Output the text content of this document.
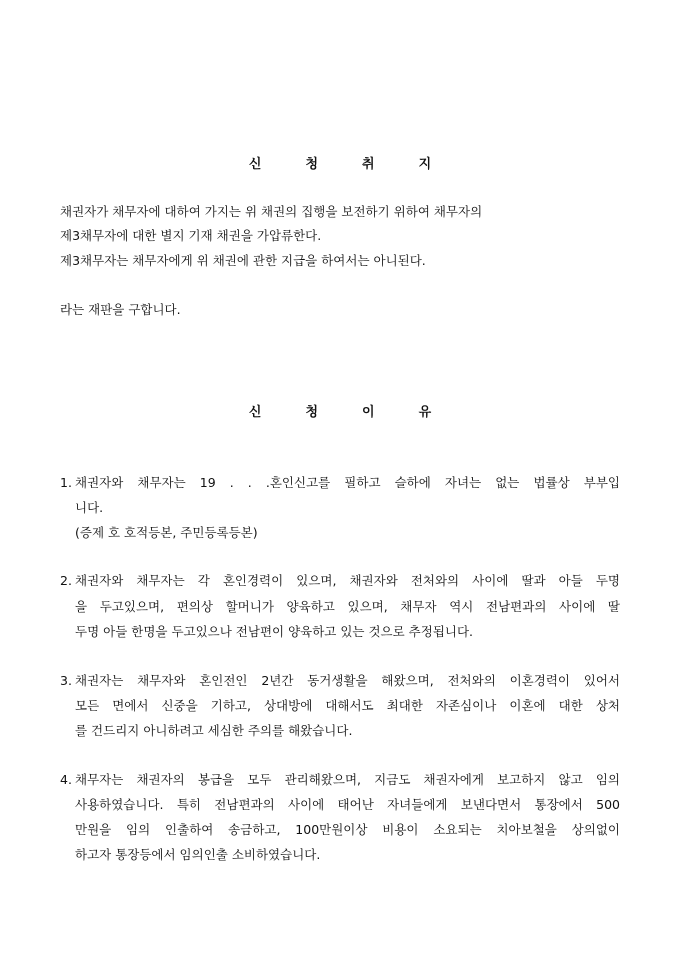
신	청	취	지
채권자가 채무자에 대하여 가지는 위 채권의 집행을 보전하기 위하여 채무자의
제3채무자에 대한 별지 기재 채권을 가압류한다.
제3채무자는 채무자에게 위 채권에 관한 지급을 하여서는 아니된다.
라는 재판을 구합니다.
신	청	이	유
1. 채권자와 채무자는 19 . . .혼인신고를 필하고 슬하에 자녀는 없는 법률상 부부입
니다.
(증제 호 호적등본, 주민등록등본)
2. 채권자와 채무자는 각 혼인경력이 있으며, 채권자와 전처와의 사이에 딸과 아들 두명
을 두고있으며, 편의상 할머니가 양육하고 있으며, 채무자 역시 전남편과의 사이에 딸
두명 아들 한명을 두고있으나 전남편이 양육하고 있는 것으로 추정됩니다.
3. 채권자는 채무자와 혼인전인 2년간 동거생활을 해왔으며, 전처와의 이혼경력이 있어서
모든 면에서 신중을 기하고, 상대방에 대해서도 최대한 자존심이나 이혼에 대한 상처
를 건드리지 아니하려고 세심한 주의를 해왔습니다.
4. 채무자는 채권자의 봉급을 모두 관리해왔으며, 지금도 채권자에게 보고하지 않고 임의
사용하였습니다. 특히 전남편과의 사이에 태어난 자녀들에게 보낸다면서 통장에서 500
만원을 임의 인출하여 송금하고, 100만원이상 비용이 소요되는 치아보철을 상의없이
하고자 통장등에서 임의인출 소비하였습니다.
